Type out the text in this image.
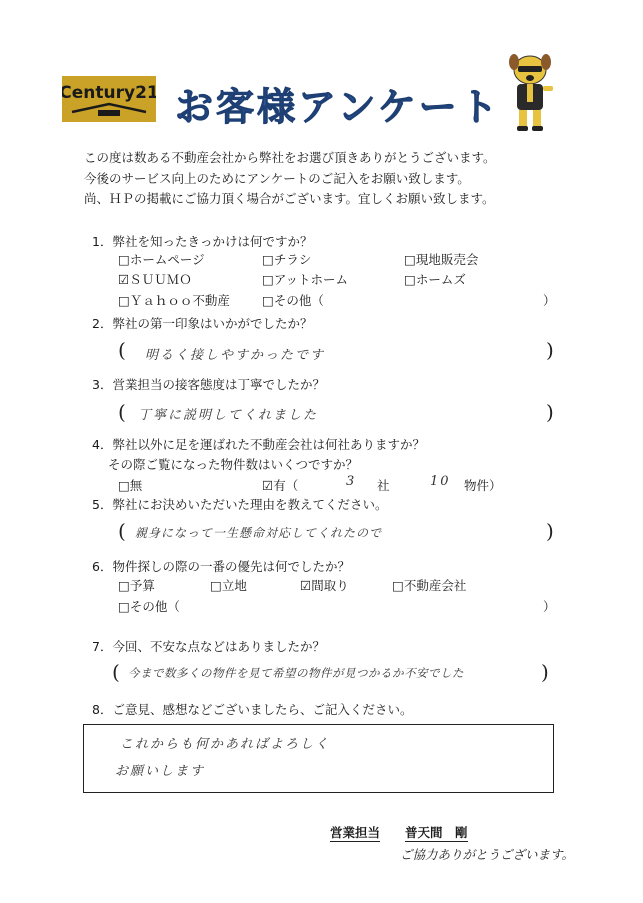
Century21 お客様アンケート
この度は数ある不動産会社から弊社をお選び頂きありがとうございます。
今後のサービス向上のためにアンケートのご記入をお願い致します。
尚、ＨＰの掲載にご協力頂く場合がございます。宜しくお願い致します。
1．弊社を知ったきっかけは何ですか？
□ホームページ	□チラシ	□現地販売会
☑ＳＵＵＭＯ	□アットホーム	□ホームズ
□Ｙａｈｏｏ不動産	□その他（	）
2．弊社の第一印象はいかがでしたか？
( 明るく接しやすかったです	)
3．営業担当の接客態度は丁寧でしたか？
( 丁寧に説明してくれました	)
4．弊社以外に足を運ばれた不動産会社は何社ありますか？
その際ご覧になった物件数はいくつですか？
□無	☑有（	3 社	10 物件）
5．弊社にお決めいただいた理由を教えてください。
( 親身になって一生懸命対応してくれたので	)
6．物件探しの際の一番の優先は何でしたか？
□予算	□立地	☑間取り	□不動産会社
□その他（	）
7．今回、不安な点などはありましたか？
( 今まで数多くの物件を見て希望の物件が見つかるか不安でした	)
8．ご意見、感想などございましたら、ご記入ください。
これからも何かあればよろしく
お願いします
営業担当 普天間　剛
ご協力ありがとうございます。
